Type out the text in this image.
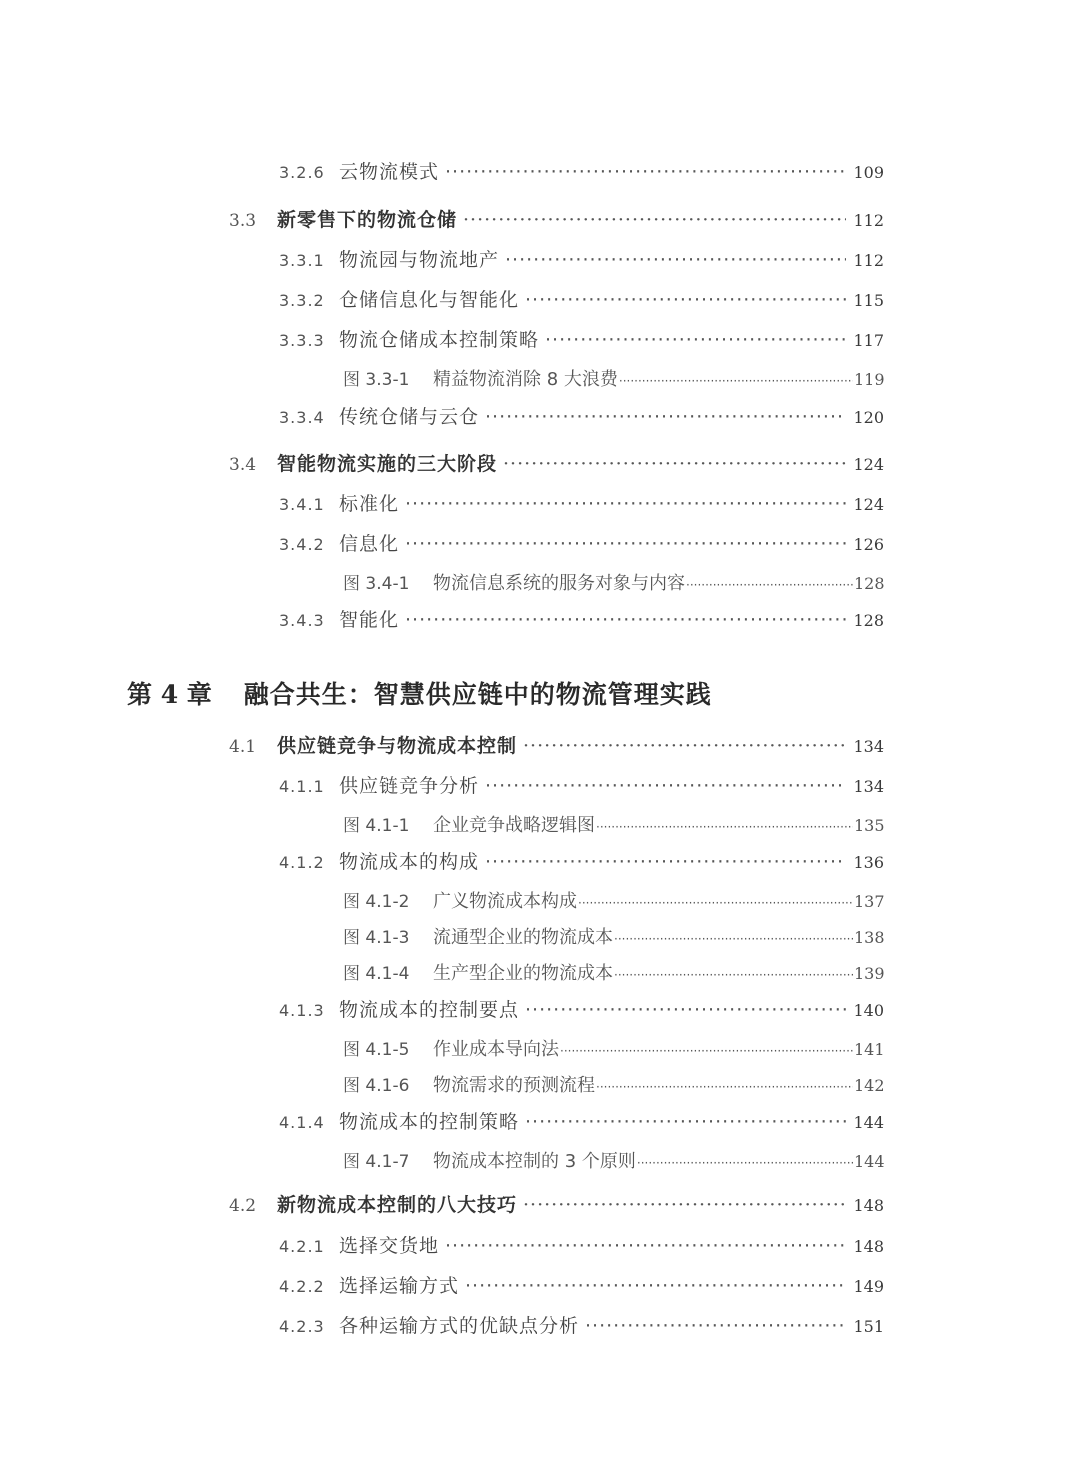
3.2.6 云物流模式 ·····	109
3.3	新零售下的物流仓储 ·····	112
3.3.1 物流园与物流地产 ·····	112
3.3.2 仓储信息化与智能化 ·····	115
3.3.3 物流仓储成本控制策略 ·····	117
图 3.3-1	精益物流消除 8 大浪费 ·····	119
3.3.4 传统仓储与云仓 ·····	120
3.4	智能物流实施的三大阶段 ·····	124
3.4.1 标准化 ·····	124
3.4.2 信息化 ·····	126
图 3.4-1	物流信息系统的服务对象与内容 ·····	128
3.4.3 智能化 ·····	128
第 4 章 融合共生：智慧供应链中的物流管理实践
4.1	供应链竞争与物流成本控制 ·····	134
4.1.1 供应链竞争分析 ·····	134
图 4.1-1	企业竞争战略逻辑图 ·····	135
4.1.2 物流成本的构成 ·····	136
图 4.1-2	广义物流成本构成 ·····	137
图 4.1-3	流通型企业的物流成本 ·····	138
图 4.1-4	生产型企业的物流成本 ·····	139
4.1.3 物流成本的控制要点 ·····	140
图 4.1-5	作业成本导向法 ·····	141
图 4.1-6	物流需求的预测流程 ·····	142
4.1.4 物流成本的控制策略 ·····	144
图 4.1-7	物流成本控制的 3 个原则 ·····	144
4.2	新物流成本控制的八大技巧 ·····	148
4.2.1 选择交货地 ·····	148
4.2.2 选择运输方式 ·····	149
4.2.3 各种运输方式的优缺点分析 ·····	151
